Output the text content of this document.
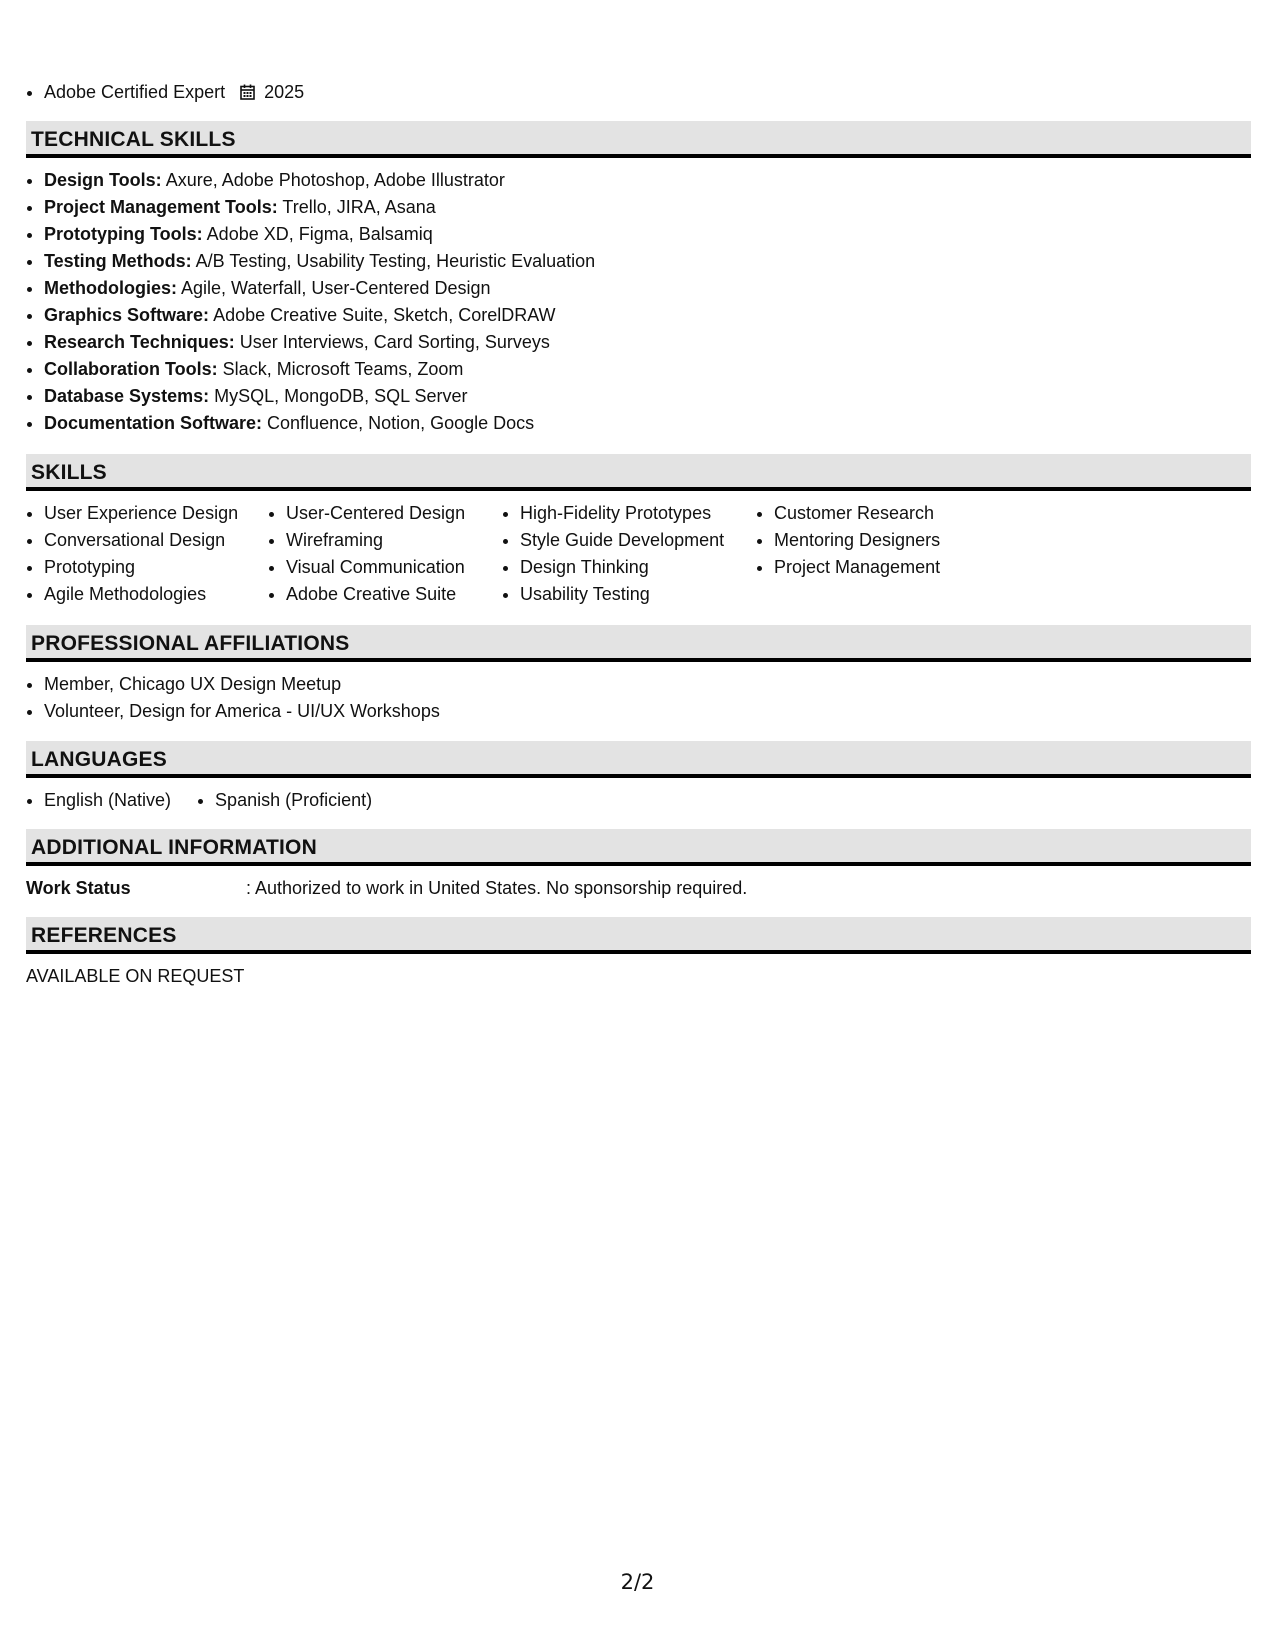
• Adobe Certified Expert 2025
TECHNICAL SKILLS
• Design Tools: Axure, Adobe Photoshop, Adobe Illustrator
• Project Management Tools: Trello, JIRA, Asana
• Prototyping Tools: Adobe XD, Figma, Balsamiq
• Testing Methods: A/B Testing, Usability Testing, Heuristic Evaluation
• Methodologies: Agile, Waterfall, User-Centered Design
• Graphics Software: Adobe Creative Suite, Sketch, CorelDRAW
• Research Techniques: User Interviews, Card Sorting, Surveys
• Collaboration Tools: Slack, Microsoft Teams, Zoom
• Database Systems: MySQL, MongoDB, SQL Server
• Documentation Software: Confluence, Notion, Google Docs
SKILLS
• User Experience Design
• Conversational Design
• Prototyping
• Agile Methodologies
• User-Centered Design
• Wireframing
• Visual Communication
• Adobe Creative Suite
• High-Fidelity Prototypes
• Style Guide Development
• Design Thinking
• Usability Testing
• Customer Research
• Mentoring Designers
• Project Management
PROFESSIONAL AFFILIATIONS
• Member, Chicago UX Design Meetup
• Volunteer, Design for America - UI/UX Workshops
LANGUAGES
• English (Native)
• Spanish (Proficient)
ADDITIONAL INFORMATION
Work Status	: Authorized to work in United States. No sponsorship required.
REFERENCES
AVAILABLE ON REQUEST
2/2
